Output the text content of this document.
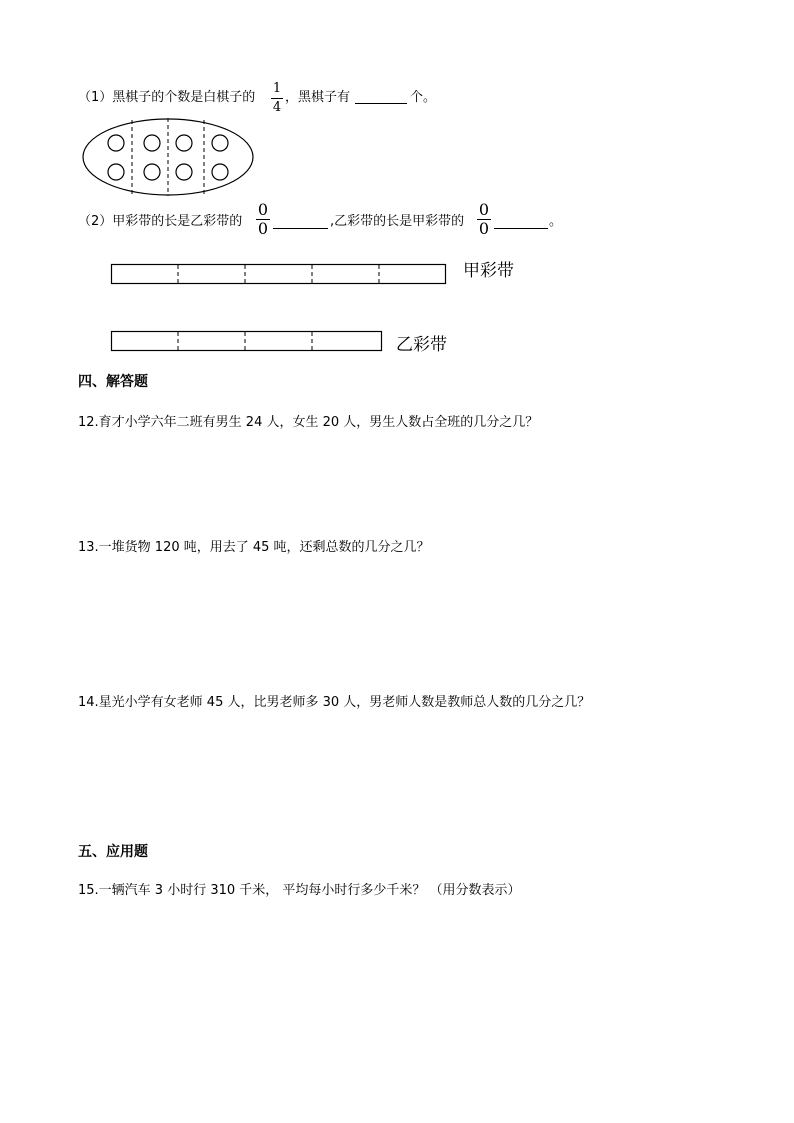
（1）黑棋子的个数是白棋子的
1
4
，黑棋子有	个。
（2）甲彩带的长是乙彩带的
0
0	,乙彩带的长是甲彩带的
0
0	。
甲彩带
乙彩带
四、解答题
12.育才小学六年二班有男生 24 人，女生 20 人，男生人数占全班的几分之几？
13.一堆货物 120 吨，用去了 45 吨，还剩总数的几分之几？
14.星光小学有女老师 45 人，比男老师多 30 人，男老师人数是教师总人数的几分之几？
五、应用题
15.一辆汽车 3 小时行 310 千米， 平均每小时行多少千米？ （用分数表示）
